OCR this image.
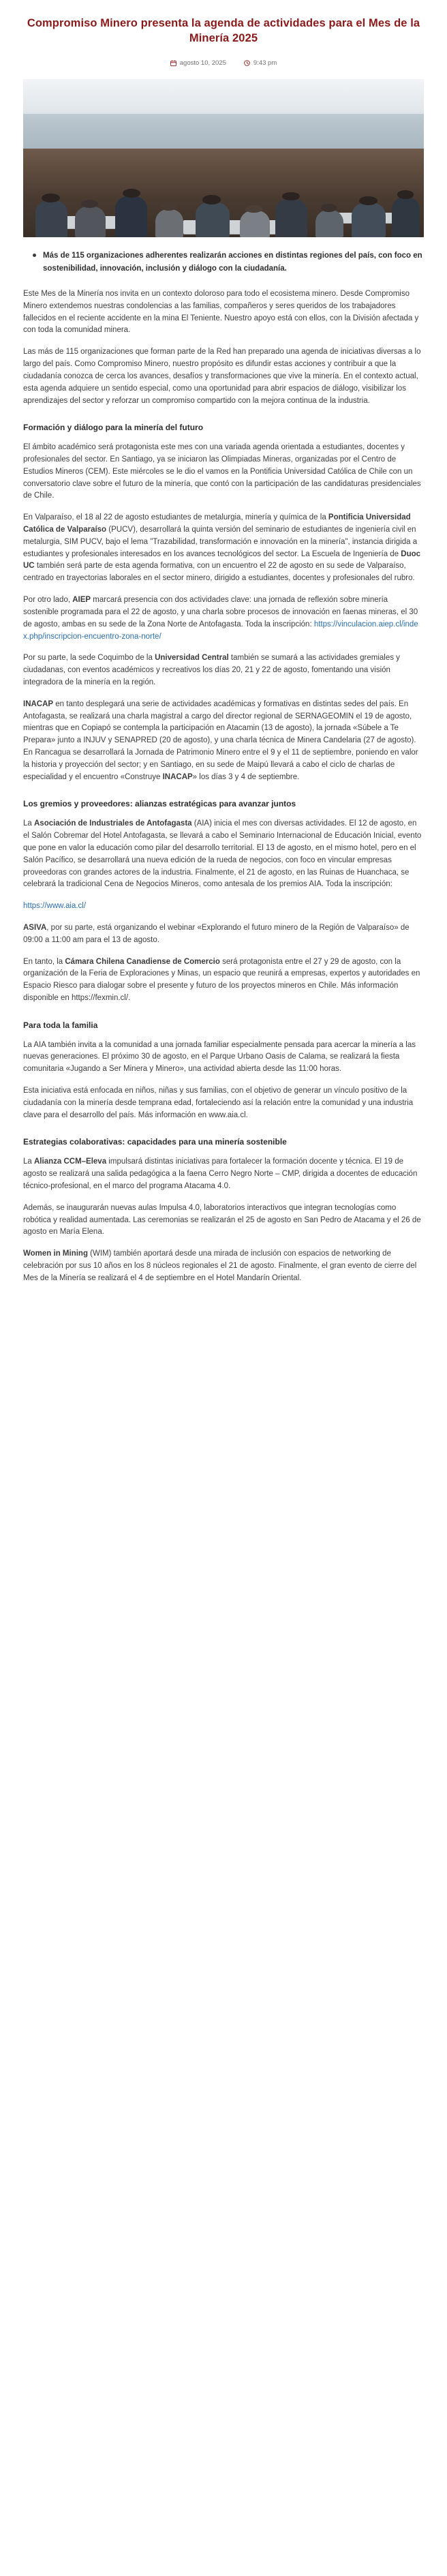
Compromiso Minero presenta la agenda de actividades para el Mes de la Minería 2025
agosto 10, 2025	9:43 pm
Más de 115 organizaciones adherentes realizarán acciones en distintas regiones del país, con foco en sostenibilidad, innovación, inclusión y diálogo con la ciudadanía.

Este Mes de la Minería nos invita en un contexto doloroso para todo el ecosistema minero. Desde Compromiso Minero extendemos nuestras condolencias a las familias, compañeros y seres queridos de los trabajadores fallecidos en el reciente accidente en la mina El Teniente. Nuestro apoyo está con ellos, con la División afectada y con toda la comunidad minera.

Las más de 115 organizaciones que forman parte de la Red han preparado una agenda de iniciativas diversas a lo largo del país. Como Compromiso Minero, nuestro propósito es difundir estas acciones y contribuir a que la ciudadanía conozca de cerca los avances, desafíos y transformaciones que vive la minería. En el contexto actual, esta agenda adquiere un sentido especial, como una oportunidad para abrir espacios de diálogo, visibilizar los aprendizajes del sector y reforzar un compromiso compartido con la mejora continua de la industria.

Formación y diálogo para la minería del futuro

El ámbito académico será protagonista este mes con una variada agenda orientada a estudiantes, docentes y profesionales del sector. En Santiago, ya se iniciaron las Olimpiadas Mineras, organizadas por el Centro de Estudios Mineros (CEM). Este miércoles se le dio el vamos en la Pontificia Universidad Católica de Chile con un conversatorio clave sobre el futuro de la minería, que contó con la participación de las candidaturas presidenciales de Chile.

En Valparaíso, el 18 al 22 de agosto estudiantes de metalurgia, minería y química de la Pontificia Universidad Católica de Valparaíso (PUCV), desarrollará la quinta versión del seminario de estudiantes de ingeniería civil en metalurgia, SIM PUCV, bajo el lema "Trazabilidad, transformación e innovación en la minería", instancia dirigida a estudiantes y profesionales interesados en los avances tecnológicos del sector. La Escuela de Ingeniería de Duoc UC también será parte de esta agenda formativa, con un encuentro el 22 de agosto en su sede de Valparaíso, centrado en trayectorias laborales en el sector minero, dirigido a estudiantes, docentes y profesionales del rubro.

Por otro lado, AIEP marcará presencia con dos actividades clave: una jornada de reflexión sobre minería sostenible programada para el 22 de agosto, y una charla sobre procesos de innovación en faenas mineras, el 30 de agosto, ambas en su sede de la Zona Norte de Antofagasta. Toda la inscripción: https://vinculacion.aiep.cl/index.php/inscripcion-encuentro-zona-norte/

Por su parte, la sede Coquimbo de la Universidad Central también se sumará a las actividades gremiales y ciudadanas, con eventos académicos y recreativos los días 20, 21 y 22 de agosto, fomentando una visión integradora de la minería en la región.

INACAP en tanto desplegará una serie de actividades académicas y formativas en distintas sedes del país. En Antofagasta, se realizará una charla magistral a cargo del director regional de SERNAGEOMIN el 19 de agosto, mientras que en Copiapó se contempla la participación en Atacamin (13 de agosto), la jornada «Súbele a Te Prepara» junto a INJUV y SENAPRED (20 de agosto), y una charla técnica de Minera Candelaria (27 de agosto). En Rancagua se desarrollará la Jornada de Patrimonio Minero entre el 9 y el 11 de septiembre, poniendo en valor la historia y proyección del sector; y en Santiago, en su sede de Maipú llevará a cabo el ciclo de charlas de especialidad y el encuentro «Construye INACAP» los días 3 y 4 de septiembre.

Los gremios y proveedores: alianzas estratégicas para avanzar juntos

La Asociación de Industriales de Antofagasta (AIA) inicia el mes con diversas actividades. El 12 de agosto, en el Salón Cobremar del Hotel Antofagasta, se llevará a cabo el Seminario Internacional de Educación Inicial, evento que pone en valor la educación como pilar del desarrollo territorial. El 13 de agosto, en el mismo hotel, pero en el Salón Pacífico, se desarrollará una nueva edición de la rueda de negocios, con foco en vincular empresas proveedoras con grandes actores de la industria. Finalmente, el 21 de agosto, en las Ruinas de Huanchaca, se celebrará la tradicional Cena de Negocios Mineros, como antesala de los premios AIA. Toda la inscripción:

https://www.aia.cl/

ASIVA, por su parte, está organizando el webinar «Explorando el futuro minero de la Región de Valparaíso» de 09:00 a 11:00 am para el 13 de agosto.

En tanto, la Cámara Chilena Canadiense de Comercio será protagonista entre el 27 y 29 de agosto, con la organización de la Feria de Exploraciones y Minas, un espacio que reunirá a empresas, expertos y autoridades en Espacio Riesco para dialogar sobre el presente y futuro de los proyectos mineros en Chile. Más información disponible en https://fexmin.cl/.

Para toda la familia

La AIA también invita a la comunidad a una jornada familiar especialmente pensada para acercar la minería a las nuevas generaciones. El próximo 30 de agosto, en el Parque Urbano Oasis de Calama, se realizará la fiesta comunitaria «Jugando a Ser Minera y Minero», una actividad abierta desde las 11:00 horas.

Esta iniciativa está enfocada en niños, niñas y sus familias, con el objetivo de generar un vínculo positivo de la ciudadanía con la minería desde temprana edad, fortaleciendo así la relación entre la comunidad y una industria clave para el desarrollo del país. Más información en www.aia.cl.

Estrategias colaborativas: capacidades para una minería sostenible

La Alianza CCM–Eleva impulsará distintas iniciativas para fortalecer la formación docente y técnica. El 19 de agosto se realizará una salida pedagógica a la faena Cerro Negro Norte – CMP, dirigida a docentes de educación técnico-profesional, en el marco del programa Atacama 4.0.

Además, se inaugurarán nuevas aulas Impulsa 4.0, laboratorios interactivos que integran tecnologías como robótica y realidad aumentada. Las ceremonias se realizarán el 25 de agosto en San Pedro de Atacama y el 26 de agosto en María Elena.

Women in Mining (WIM) también aportará desde una mirada de inclusión con espacios de networking de celebración por sus 10 años en los 8 núcleos regionales el 21 de agosto. Finalmente, el gran evento de cierre del Mes de la Minería se realizará el 4 de septiembre en el Hotel Mandarín Oriental.
